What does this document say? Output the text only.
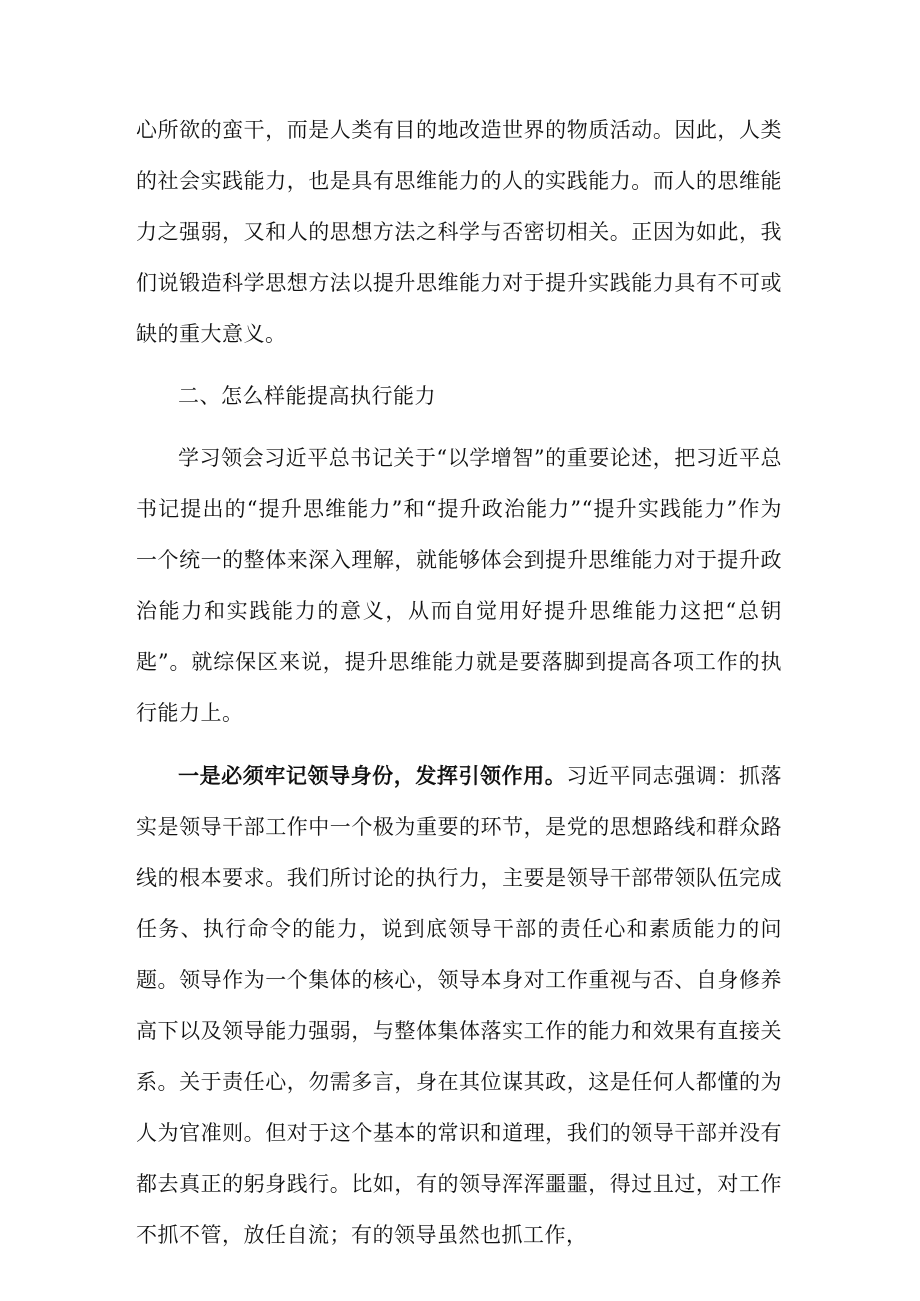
心所欲的蛮干，而是人类有目的地改造世界的物质活动。因此，人类的社会实践能力，也是具有思维能力的人的实践能力。而人的思维能力之强弱，又和人的思想方法之科学与否密切相关。正因为如此，我们说锻造科学思想方法以提升思维能力对于提升实践能力具有不可或缺的重大意义。

二、怎么样能提高执行能力

学习领会习近平总书记关于“以学增智”的重要论述，把习近平总书记提出的“提升思维能力”和“提升政治能力”“提升实践能力”作为一个统一的整体来深入理解，就能够体会到提升思维能力对于提升政治能力和实践能力的意义，从而自觉用好提升思维能力这把“总钥匙”。就综保区来说，提升思维能力就是要落脚到提高各项工作的执行能力上。

一是必须牢记领导身份，发挥引领作用。习近平同志强调：抓落实是领导干部工作中一个极为重要的环节，是党的思想路线和群众路线的根本要求。我们所讨论的执行力，主要是领导干部带领队伍完成任务、执行命令的能力，说到底领导干部的责任心和素质能力的问题。领导作为一个集体的核心，领导本身对工作重视与否、自身修养高下以及领导能力强弱，与整体集体落实工作的能力和效果有直接关系。关于责任心，勿需多言，身在其位谋其政，这是任何人都懂的为人为官准则。但对于这个基本的常识和道理，我们的领导干部并没有都去真正的躬身践行。比如，有的领导浑浑噩噩，得过且过，对工作不抓不管，放任自流；有的领导虽然也抓工作，
